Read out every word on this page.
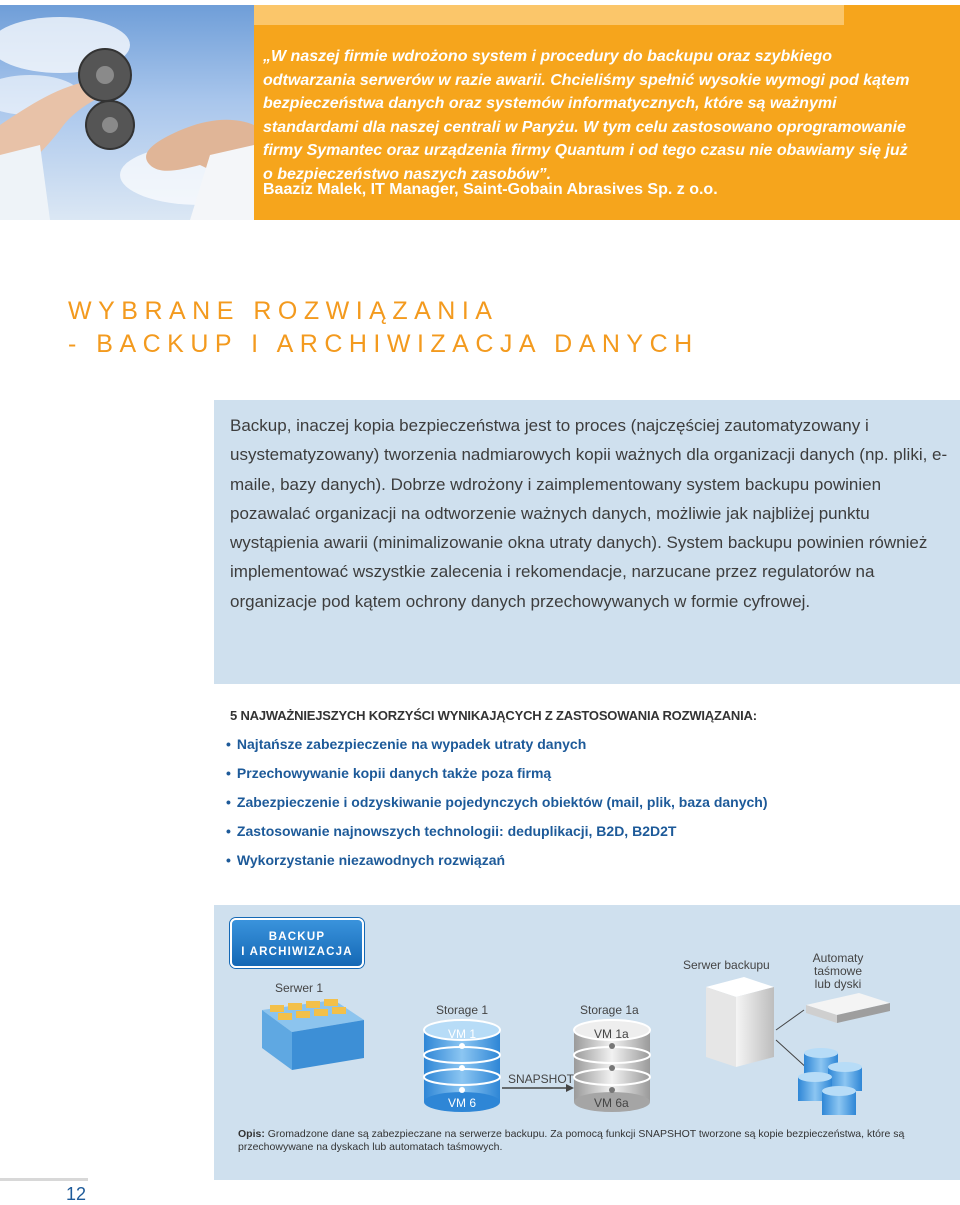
„W naszej firmie wdrożono system i procedury do backupu oraz szybkiego odtwarzania serwerów w razie awarii. Chcieliśmy spełnić wysokie wymogi pod kątem bezpieczeństwa danych oraz systemów informatycznych, które są ważnymi standardami dla naszej centrali w Paryżu. W tym celu zastosowano oprogramowanie firmy Symantec oraz urządzenia firmy Quantum i od tego czasu nie obawiamy się już o bezpieczeństwo naszych zasobów”.
Baaziz Malek, IT Manager, Saint-Gobain Abrasives Sp. z o.o.
WYBRANE ROZWIĄZANIA
- BACKUP I ARCHIWIZACJA DANYCH
Backup, inaczej kopia bezpieczeństwa jest to proces (najczęściej zautomatyzowany i usystematyzowany) tworzenia nadmiarowych kopii ważnych dla organizacji danych (np. pliki, e-maile, bazy danych). Dobrze wdrożony i zaimplementowany system backupu powinien pozawalać organizacji na odtworzenie ważnych danych, możliwie jak najbliżej punktu wystąpienia awarii (minimalizowanie okna utraty danych). System backupu powinien również implementować wszystkie zalecenia i rekomendacje, narzucane przez regulatorów na organizacje pod kątem ochrony danych przechowywanych w formie cyfrowej.
5 NAJWAŻNIEJSZYCH KORZYŚCI WYNIKAJĄCYCH Z ZASTOSOWANIA ROZWIĄZANIA:
• Najtańsze zabezpieczenie na wypadek utraty danych
• Przechowywanie kopii danych także poza firmą
• Zabezpieczenie i odzyskiwanie pojedynczych obiektów (mail, plik, baza danych)
• Zastosowanie najnowszych technologii: deduplikacji, B2D, B2D2T
• Wykorzystanie niezawodnych rozwiązań
BACKUP
I ARCHIWIZACJA
Serwer 1
Storage 1	Storage 1a
VM 1
VM 6
VM 1a
VM 6a
SNAPSHOT
Serwer backupu	Automaty
taśmowe
lub dyski
Opis: Gromadzone dane są zabezpieczane na serwerze backupu. Za pomocą funkcji SNAPSHOT tworzone są kopie bezpieczeństwa, które są przechowywane na dyskach lub automatach taśmowych.
12
